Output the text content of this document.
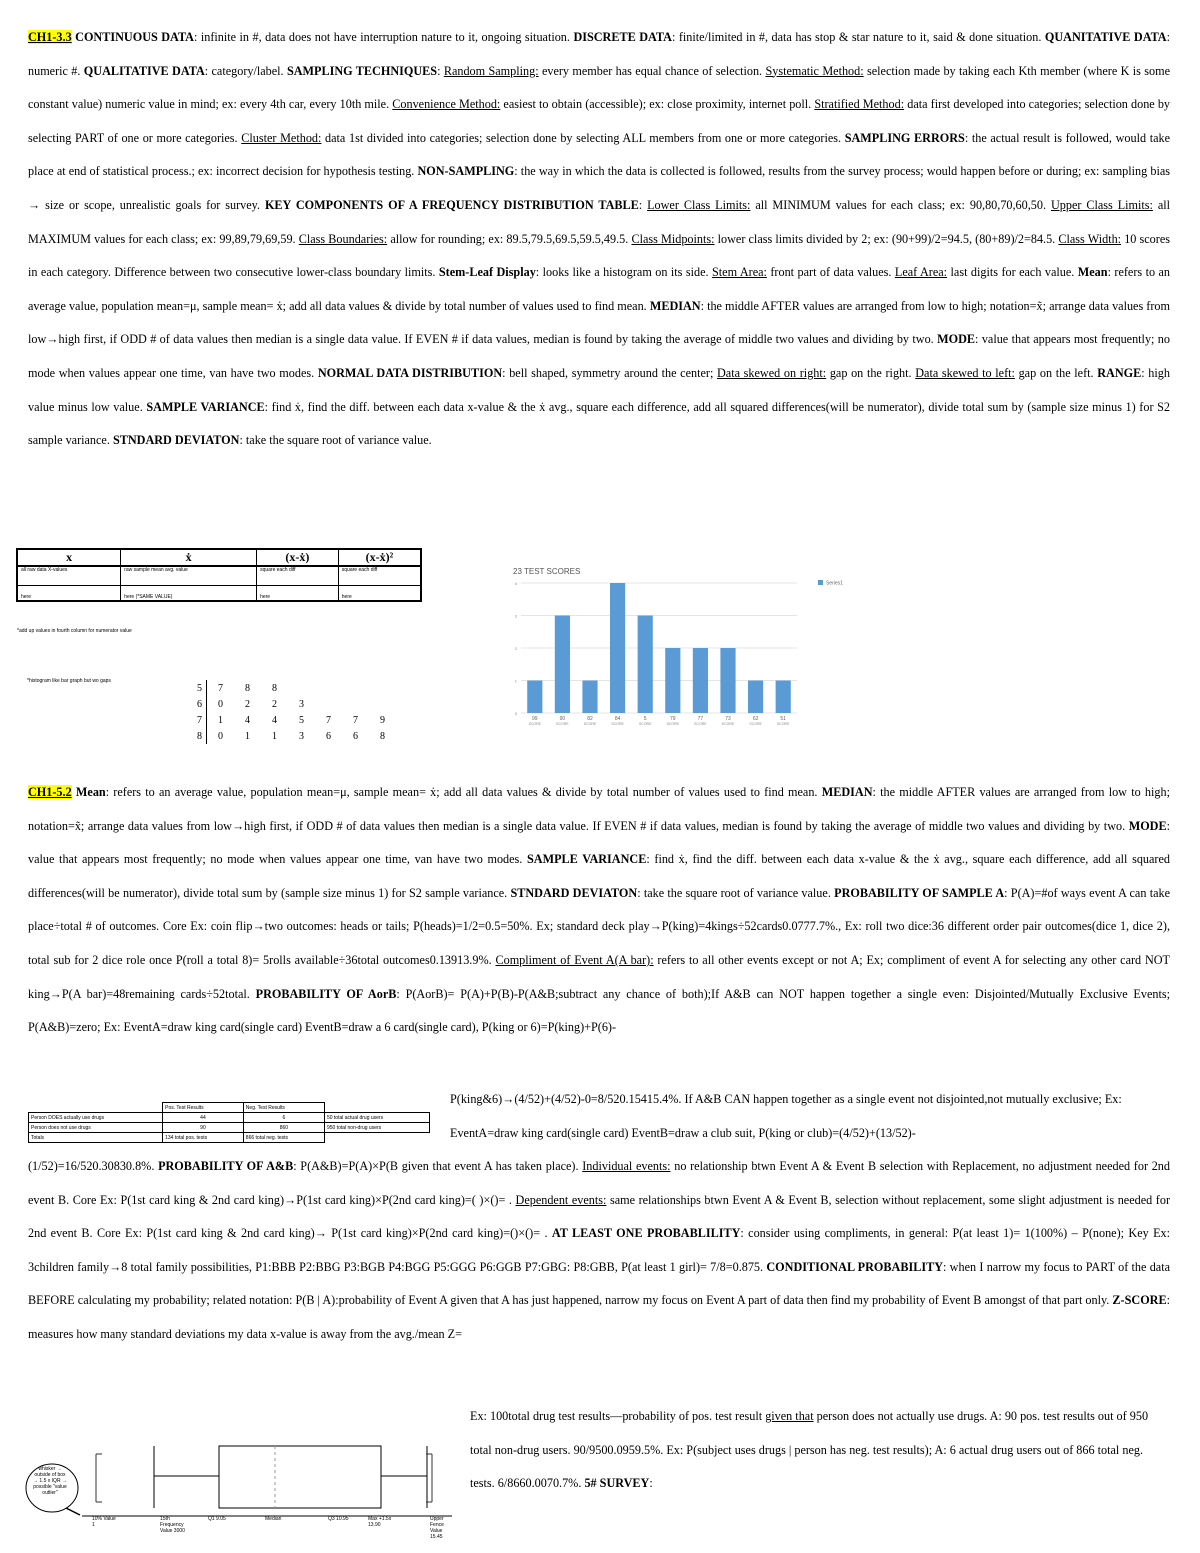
CH1-3.3 CONTINUOUS DATA: infinite in #, data does not have interruption nature to it, ongoing situation. DISCRETE DATA: finite/limited in #, data has stop & star nature to it, said & done situation. QUANITATIVE DATA: numeric #. QUALITATIVE DATA: category/label. SAMPLING TECHNIQUES: Random Sampling: every member has equal chance of selection. Systematic Method: selection made by taking each Kth member (where K is some constant value) numeric value in mind; ex: every 4th car, every 10th mile. Convenience Method: easiest to obtain (accessible); ex: close proximity, internet poll. Stratified Method: data first developed into categories; selection done by selecting PART of one or more categories. Cluster Method: data 1st divided into categories; selection done by selecting ALL members from one or more categories. SAMPLING ERRORS: the actual result is followed, would take place at end of statistical process.; ex: incorrect decision for hypothesis testing. NON-SAMPLING: the way in which the data is collected is followed, results from the survey process; would happen before or during; ex: sampling bias → size or scope, unrealistic goals for survey. KEY COMPONENTS OF A FREQUENCY DISTRIBUTION TABLE: Lower Class Limits: all MINIMUM values for each class; ex: 90,80,70,60,50. Upper Class Limits: all MAXIMUM values for each class; ex: 99,89,79,69,59. Class Boundaries: allow for rounding; ex: 89.5,79.5,69.5,59.5,49.5. Class Midpoints: lower class limits divided by 2; ex: (90+99)/2=94.5, (80+89)/2=84.5. Class Width: 10 scores in each category. Difference between two consecutive lower-class boundary limits. Stem-Leaf Display: looks like a histogram on its side. Stem Area: front part of data values. Leaf Area: last digits for each value. Mean: refers to an average value, population mean=μ, sample mean= ẋ; add all data values & divide by total number of values used to find mean. MEDIAN: the middle AFTER values are arranged from low to high; notation=x̃; arrange data values from low→high first, if ODD # of data values then median is a single data value. If EVEN # if data values, median is found by taking the average of middle two values and dividing by two. MODE: value that appears most frequently; no mode when values appear one time, van have two modes. NORMAL DATA DISTRIBUTION: bell shaped, symmetry around the center; Data skewed on right: gap on the right. Data skewed to left: gap on the left. RANGE: high value minus low value. SAMPLE VARIANCE: find ẋ, find the diff. between each data x-value & the ẋ avg., square each difference, add all squared differences(will be numerator), divide total sum by (sample size minus 1) for S2 sample variance. STNDARD DEVIATON: take the square root of variance value.
x	ẋ	(x-ẋ)	(x-ẋ)²
all raw data X-values	raw sample mean avg. value	square each diff	square each diff
here	here (*SAME VALUE)	here	here
*add up values in fourth column for numerator value
23 TEST SCORES
0
1
2
3
4
99
SCORE
90
SCORE
82
SCORE
84
SCORE
5
SCORE
79
SCORE
77
SCORE
73
SCORE
62
SCORE
51
SCORE
Series1
*histogram like bar graph but wo gaps
5	7	8	8				
6	0	2	2	3			
7	1	4	4	5	7	7	9
8	0	1	1	3	6	6	8
CH1-5.2 Mean: refers to an average value, population mean=μ, sample mean= ẋ; add all data values & divide by total number of values used to find mean. MEDIAN: the middle AFTER values are arranged from low to high; notation=x̃; arrange data values from low→high first, if ODD # of data values then median is a single data value. If EVEN # if data values, median is found by taking the average of middle two values and dividing by two. MODE: value that appears most frequently; no mode when values appear one time, van have two modes. SAMPLE VARIANCE: find ẋ, find the diff. between each data x-value & the ẋ avg., square each difference, add all squared differences(will be numerator), divide total sum by (sample size minus 1) for S2 sample variance. STNDARD DEVIATON: take the square root of variance value. PROBABILITY OF SAMPLE A: P(A)=#of ways event A can take place÷total # of outcomes. Core Ex: coin flip→two outcomes: heads or tails; P(heads)=1/2=0.5=50%. Ex; standard deck play→P(king)=4kings÷52cards0.0777.7%., Ex: roll two dice:36 different order pair outcomes(dice 1, dice 2), total sub for 2 dice role once P(roll a total 8)= 5rolls available÷36total outcomes0.13913.9%. Compliment of Event A(A bar): refers to all other events except or not A; Ex; compliment of event A for selecting any other card NOT king→P(A bar)=48remaining cards÷52total. PROBABILITY OF AorB: P(AorB)= P(A)+P(B)-P(A&B;subtract any chance of both);If A&B can NOT happen together a single even: Disjointed/Mutually Exclusive Events; P(A&B)=zero; Ex: EventA=draw king card(single card) EventB=draw a 6 card(single card), P(king or 6)=P(king)+P(6)-
P(king&6)→(4/52)+(4/52)-0=8/520.15415.4%. If A&B CAN happen together as a single event not disjointed,not mutually exclusive; Ex: EventA=draw king card(single card) EventB=draw a club suit, P(king or club)=(4/52)+(13/52)-
	Pos. Test Results	Neg. Test Results	
Person DOES actually use drugs	44	6	50 total actual drug users
Person does not use drugs	90	860	950 total non-drug users
Totals	134 total pos. tests	866 total neg. tests	
(1/52)=16/520.30830.8%. PROBABILITY OF A&B: P(A&B)=P(A)×P(B given that event A has taken place). Individual events: no relationship btwn Event A & Event B selection with Replacement, no adjustment needed for 2nd event B. Core Ex: P(1st card king & 2nd card king)→P(1st card king)×P(2nd card king)=( )×()= . Dependent events: same relationships btwn Event A & Event B, selection without replacement, some slight adjustment is needed for 2nd event B. Core Ex: P(1st card king & 2nd card king)→ P(1st card king)×P(2nd card king)=()×()= . AT LEAST ONE PROBABLILITY: consider using compliments, in general: P(at least 1)= 1(100%) – P(none); Key Ex: 3children family→8 total family possibilities, P1:BBB P2:BBG P3:BGB P4:BGG P5:GGG P6:GGB P7:GBG: P8:GBB, P(at least 1 girl)= 7/8=0.875. CONDITIONAL PROBABILITY: when I narrow my focus to PART of the data BEFORE calculating my probability; related notation: P(B | A):probability of Event A given that A has just happened, narrow my focus on Event A part of data then find my probability of Event B amongst of that part only. Z-SCORE: measures how many standard deviations my data x-value is away from the avg./mean Z=
Ex: 100total drug test results—probability of pos. test result given that person does not actually use drugs. A: 90 pos. test results out of 950 total non-drug users. 90/9500.0959.5%. Ex: P(subject uses drugs | person has neg. test results); A: 6 actual drug users out of 866 total neg. tests. 6/8660.0070.7%. 5# SURVEY:
whisker → outside of box → 1.5 x IQR → possible "value outlier"
10% Value 1
15th Frequency Value 3000
Q1 9.05	Median	Q3 10.95	Max +1.5x 13.90
Upper Fence Value 15.45
